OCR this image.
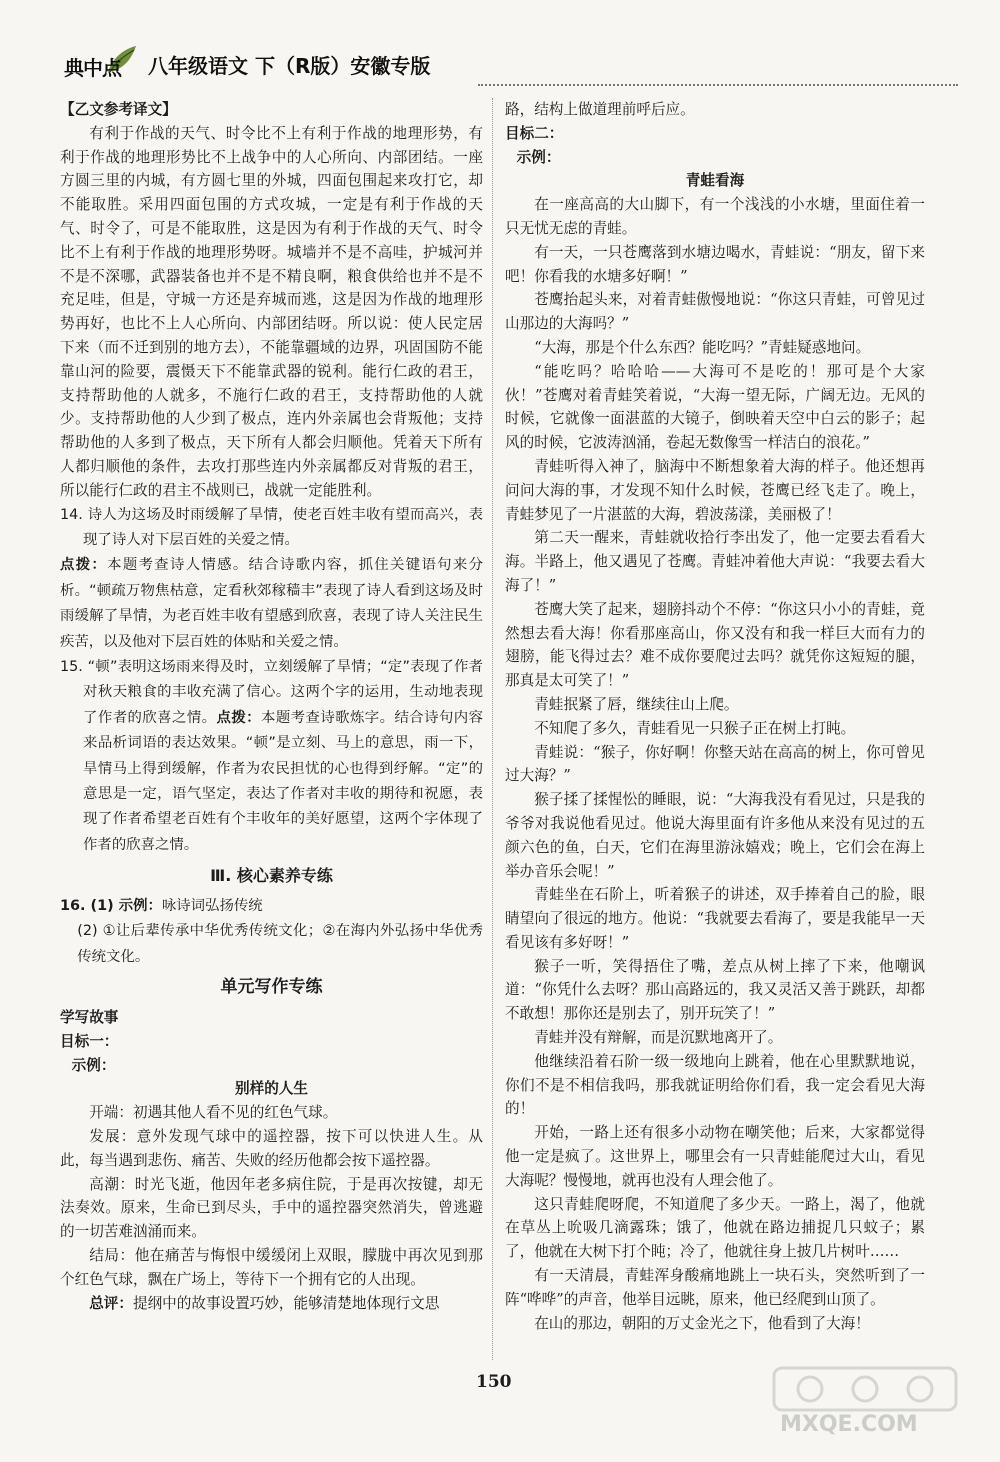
典中点 八年级语文 下（R版）安徽专版

【乙文参考译文】

有利于作战的天气、时令比不上有利于作战的地理形势，有利于作战的地理形势比不上战争中的人心所向、内部团结。一座方圆三里的内城，有方圆七里的外城，四面包围起来攻打它，却不能取胜。采用四面包围的方式攻城，一定是有利于作战的天气、时令了，可是不能取胜，这是因为有利于作战的天气、时令比不上有利于作战的地理形势呀。城墙并不是不高哇，护城河并不是不深哪，武器装备也并不是不精良啊，粮食供给也并不是不充足哇，但是，守城一方还是弃城而逃，这是因为作战的地理形势再好，也比不上人心所向、内部团结呀。所以说：使人民定居下来（而不迁到别的地方去），不能靠疆域的边界，巩固国防不能靠山河的险要，震慑天下不能靠武器的锐利。能行仁政的君王，支持帮助他的人就多，不施行仁政的君王，支持帮助他的人就少。支持帮助他的人少到了极点，连内外亲属也会背叛他；支持帮助他的人多到了极点，天下所有人都会归顺他。凭着天下所有人都归顺他的条件，去攻打那些连内外亲属都反对背叛的君王，所以能行仁政的君主不战则已，战就一定能胜利。

14. 诗人为这场及时雨缓解了旱情，使老百姓丰收有望而高兴，表现了诗人对下层百姓的关爱之情。

点拨：本题考查诗人情感。结合诗歌内容，抓住关键语句来分析。“顿疏万物焦枯意，定看秋郊稼穑丰”表现了诗人看到这场及时雨缓解了旱情，为老百姓丰收有望感到欣喜，表现了诗人关注民生疾苦，以及他对下层百姓的体贴和关爱之情。

15. “顿”表明这场雨来得及时，立刻缓解了旱情；“定”表现了作者对秋天粮食的丰收充满了信心。这两个字的运用，生动地表现了作者的欣喜之情。点拨：本题考查诗歌炼字。结合诗句内容来品析词语的表达效果。“顿”是立刻、马上的意思，雨一下，旱情马上得到缓解，作者为农民担忧的心也得到纾解。“定”的意思是一定，语气坚定，表达了作者对丰收的期待和祝愿，表现了作者希望老百姓有个丰收年的美好愿望，这两个字体现了作者的欣喜之情。

Ⅲ. 核心素养专练

16. (1) 示例：咏诗词弘扬传统

(2) ①让后辈传承中华优秀传统文化；②在海内外弘扬中华优秀传统文化。

单元写作专练

学写故事

目标一：

示例：

别样的人生

开端：初遇其他人看不见的红色气球。

发展：意外发现气球中的遥控器，按下可以快进人生。从此，每当遇到悲伤、痛苦、失败的经历他都会按下遥控器。

高潮：时光飞逝，他因年老多病住院，于是再次按键，却无法奏效。原来，生命已到尽头，手中的遥控器突然消失，曾逃避的一切苦难汹涌而来。

结局：他在痛苦与悔恨中缓缓闭上双眼，朦胧中再次见到那个红色气球，飘在广场上，等待下一个拥有它的人出现。

总评：提纲中的故事设置巧妙，能够清楚地体现行文思

路，结构上做道理前呼后应。

目标二：

示例：

青蛙看海

在一座高高的大山脚下，有一个浅浅的小水塘，里面住着一只无忧无虑的青蛙。

有一天，一只苍鹰落到水塘边喝水，青蛙说：“朋友，留下来吧！你看我的水塘多好啊！”

苍鹰抬起头来，对着青蛙傲慢地说：“你这只青蛙，可曾见过山那边的大海吗？”

“大海，那是个什么东西？能吃吗？”青蛙疑惑地问。

“能吃吗？哈哈哈——大海可不是吃的！那可是个大家伙！”苍鹰对着青蛙笑着说，“大海一望无际，广阔无边。无风的时候，它就像一面湛蓝的大镜子，倒映着天空中白云的影子；起风的时候，它波涛汹涌，卷起无数像雪一样洁白的浪花。”

青蛙听得入神了，脑海中不断想象着大海的样子。他还想再问问大海的事，才发现不知什么时候，苍鹰已经飞走了。晚上，青蛙梦见了一片湛蓝的大海，碧波荡漾，美丽极了！

第二天一醒来，青蛙就收拾行李出发了，他一定要去看看大海。半路上，他又遇见了苍鹰。青蛙冲着他大声说：“我要去看大海了！”

苍鹰大笑了起来，翅膀抖动个不停：“你这只小小的青蛙，竟然想去看大海！你看那座高山，你又没有和我一样巨大而有力的翅膀，能飞得过去？难不成你要爬过去吗？就凭你这短短的腿，那真是太可笑了！”

青蛙抿紧了唇，继续往山上爬。

不知爬了多久，青蛙看见一只猴子正在树上打盹。

青蛙说：“猴子，你好啊！你整天站在高高的树上，你可曾见过大海？”

猴子揉了揉惺忪的睡眼，说：“大海我没有看见过，只是我的爷爷对我说他看见过。他说大海里面有许多他从来没有见过的五颜六色的鱼，白天，它们在海里游泳嬉戏；晚上，它们会在海上举办音乐会呢！”

青蛙坐在石阶上，听着猴子的讲述，双手捧着自己的脸，眼睛望向了很远的地方。他说：“我就要去看海了，要是我能早一天看见该有多好呀！”

猴子一听，笑得捂住了嘴，差点从树上摔了下来，他嘲讽道：“你凭什么去呀？那山高路远的，我又灵活又善于跳跃，却都不敢想！那你还是别去了，别开玩笑了！”

青蛙并没有辩解，而是沉默地离开了。

他继续沿着石阶一级一级地向上跳着，他在心里默默地说，你们不是不相信我吗，那我就证明给你们看，我一定会看见大海的！

开始，一路上还有很多小动物在嘲笑他；后来，大家都觉得他一定是疯了。这世界上，哪里会有一只青蛙能爬过大山，看见大海呢？慢慢地，就再也没有人理会他了。

这只青蛙爬呀爬，不知道爬了多少天。一路上，渴了，他就在草丛上吮吸几滴露珠；饿了，他就在路边捕捉几只蚊子；累了，他就在大树下打个盹；冷了，他就往身上披几片树叶……

有一天清晨，青蛙浑身酸痛地跳上一块石头，突然听到了一阵“哗哗”的声音，他举目远眺，原来，他已经爬到山顶了。

在山的那边，朝阳的万丈金光之下，他看到了大海！

150
MXQE.COM
